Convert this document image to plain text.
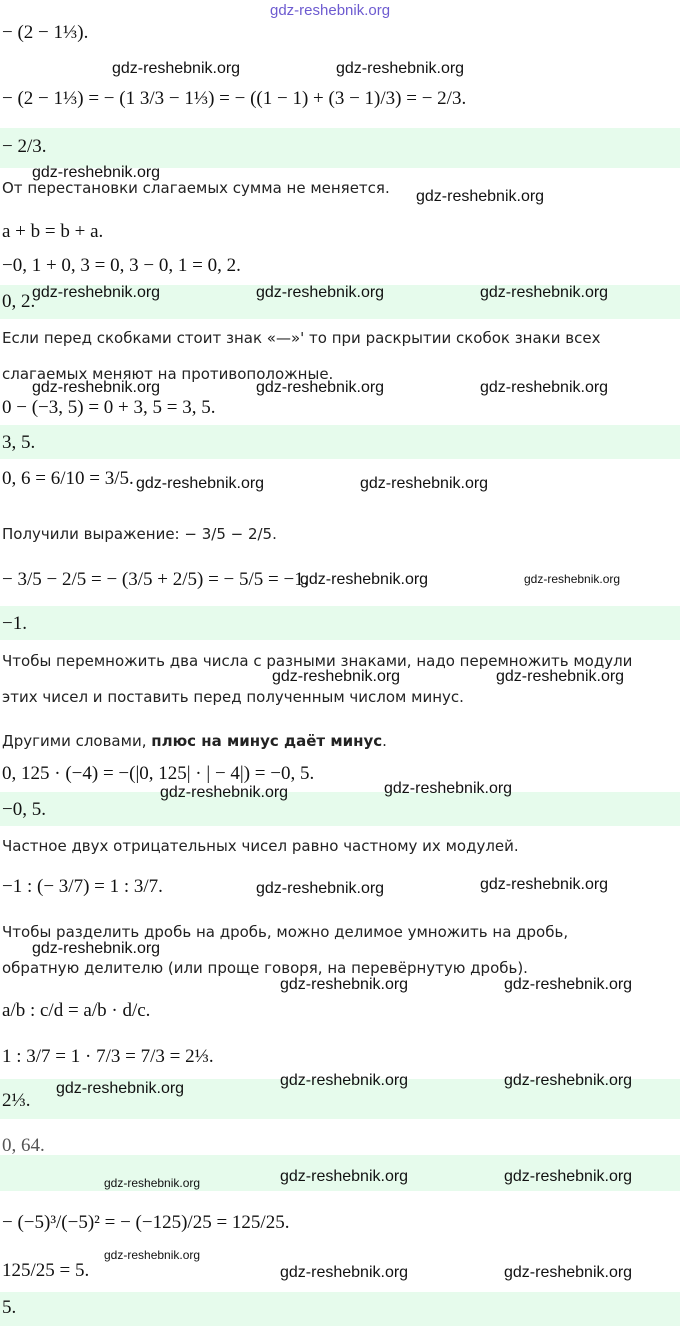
− (2 − 1⅓).
− (2 − 1⅓) = − (1 3/3 − 1⅓) = − ((1 − 1) + (3 − 1)/3) = − 2/3.
− 2/3.
От перестановки слагаемых сумма не меняется.
a + b = b + a.
−0, 1 + 0, 3 = 0, 3 − 0, 1 = 0, 2.
0, 2.
Если перед скобками стоит знак «—»' то при раскрытии скобок знаки всех
слагаемых меняют на противоположные.
0 − (−3, 5) = 0 + 3, 5 = 3, 5.
3, 5.
0, 6 = 6/10 = 3/5.
Получили выражение: − 3/5 − 2/5.
− 3/5 − 2/5 = − (3/5 + 2/5) = − 5/5 = −1.
−1.
Чтобы перемножить два числа с разными знаками, надо перемножить модули
этих чисел и поставить перед полученным числом минус.
Другими словами, плюс на минус даёт минус.
0, 125 · (−4) = −(|0, 125| · | − 4|) = −0, 5.
−0, 5.
Частное двух отрицательных чисел равно частному их модулей.
−1 : (− 3/7) = 1 : 3/7.
Чтобы разделить дробь на дробь, можно делимое умножить на дробь,
обратную делителю (или проще говоря, на перевёрнутую дробь).
a/b : c/d = a/b · d/c.
1 : 3/7 = 1 · 7/3 = 7/3 = 2⅓.
2⅓.
0, 64.
− (−5)³/(−5)² = − (−125)/25 = 125/25.
125/25 = 5.
5.
gdz-reshebnik.org
gdz-reshebnik.org	gdz-reshebnik.org
gdz-reshebnik.org
gdz-reshebnik.org
gdz-reshebnik.org	gdz-reshebnik.org	gdz-reshebnik.org
gdz-reshebnik.org	gdz-reshebnik.org	gdz-reshebnik.org
gdz-reshebnik.org	gdz-reshebnik.org
gdz-reshebnik.org	gdz-reshebnik.org
gdz-reshebnik.org	gdz-reshebnik.org
gdz-reshebnik.org	gdz-reshebnik.org
gdz-reshebnik.org	gdz-reshebnik.org
gdz-reshebnik.org
gdz-reshebnik.org	gdz-reshebnik.org
gdz-reshebnik.org	gdz-reshebnik.org	gdz-reshebnik.org
gdz-reshebnik.org	gdz-reshebnik.org	gdz-reshebnik.org
gdz-reshebnik.org
gdz-reshebnik.org	gdz-reshebnik.org
